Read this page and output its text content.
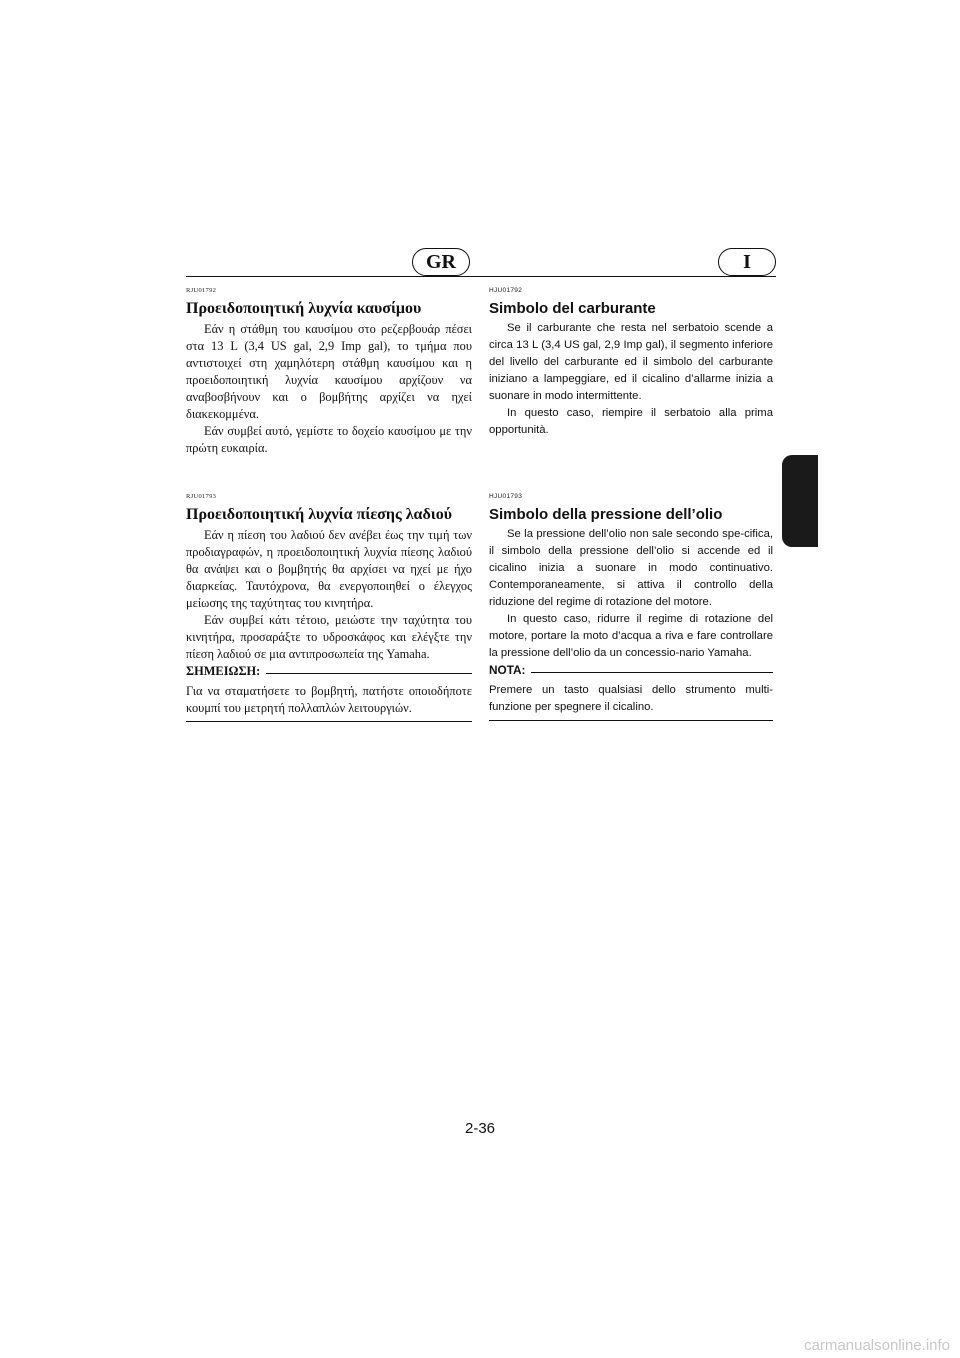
GR	I

RJU01792

Προειδοποιητική λυχνία καυσίμου

Εάν η στάθμη του καυσίμου στο ρεζερβουάρ πέσει στα 13 L (3,4 US gal, 2,9 Imp gal), το τμήμα που αντιστοιχεί στη χαμηλότερη στάθμη καυσίμου και η προειδοποιητική λυχνία καυσίμου αρχίζουν να αναβοσβήνουν και ο βομβήτης αρχίζει να ηχεί διακεκομμένα.

Εάν συμβεί αυτό, γεμίστε το δοχείο καυσίμου με την πρώτη ευκαιρία.

RJU01793

Προειδοποιητική λυχνία πίεσης λαδιού

Εάν η πίεση του λαδιού δεν ανέβει έως την τιμή των προδιαγραφών, η προειδοποιητική λυχνία πίεσης λαδιού θα ανάψει και ο βομβητής θα αρχίσει να ηχεί με ήχο διαρκείας. Ταυτόχρονα, θα ενεργοποιηθεί ο έλεγχος μείωσης της ταχύτητας του κινητήρα.

Εάν συμβεί κάτι τέτοιο, μειώστε την ταχύτητα του κινητήρα, προσαράξτε το υδροσκάφος και ελέγξτε την πίεση λαδιού σε μια αντιπροσωπεία της Yamaha.

ΣΗΜΕΙΩΣΗ:

Για να σταματήσετε το βομβητή, πατήστε οποιοδήποτε κουμπί του μετρητή πολλαπλών λειτουργιών.

HJU01792

Simbolo del carburante

Se il carburante che resta nel serbatoio scende a circa 13 L (3,4 US gal, 2,9 Imp gal), il segmento inferiore del livello del carburante ed il simbolo del carburante iniziano a lampeggiare, ed il cicalino d’allarme inizia a suonare in modo intermittente.

In questo caso, riempire il serbatoio alla prima opportunità.

HJU01793

Simbolo della pressione dell’olio

Se la pressione dell’olio non sale secondo spe-cifica, il simbolo della pressione dell’olio si accende ed il cicalino inizia a suonare in modo continuativo. Contemporaneamente, si attiva il controllo della riduzione del regime di rotazione del motore.

In questo caso, ridurre il regime di rotazione del motore, portare la moto d’acqua a riva e fare controllare la pressione dell’olio da un concessio-nario Yamaha.

NOTA:

Premere un tasto qualsiasi dello strumento multi-funzione per spegnere il cicalino.

2-36
carmanualsonline.info
